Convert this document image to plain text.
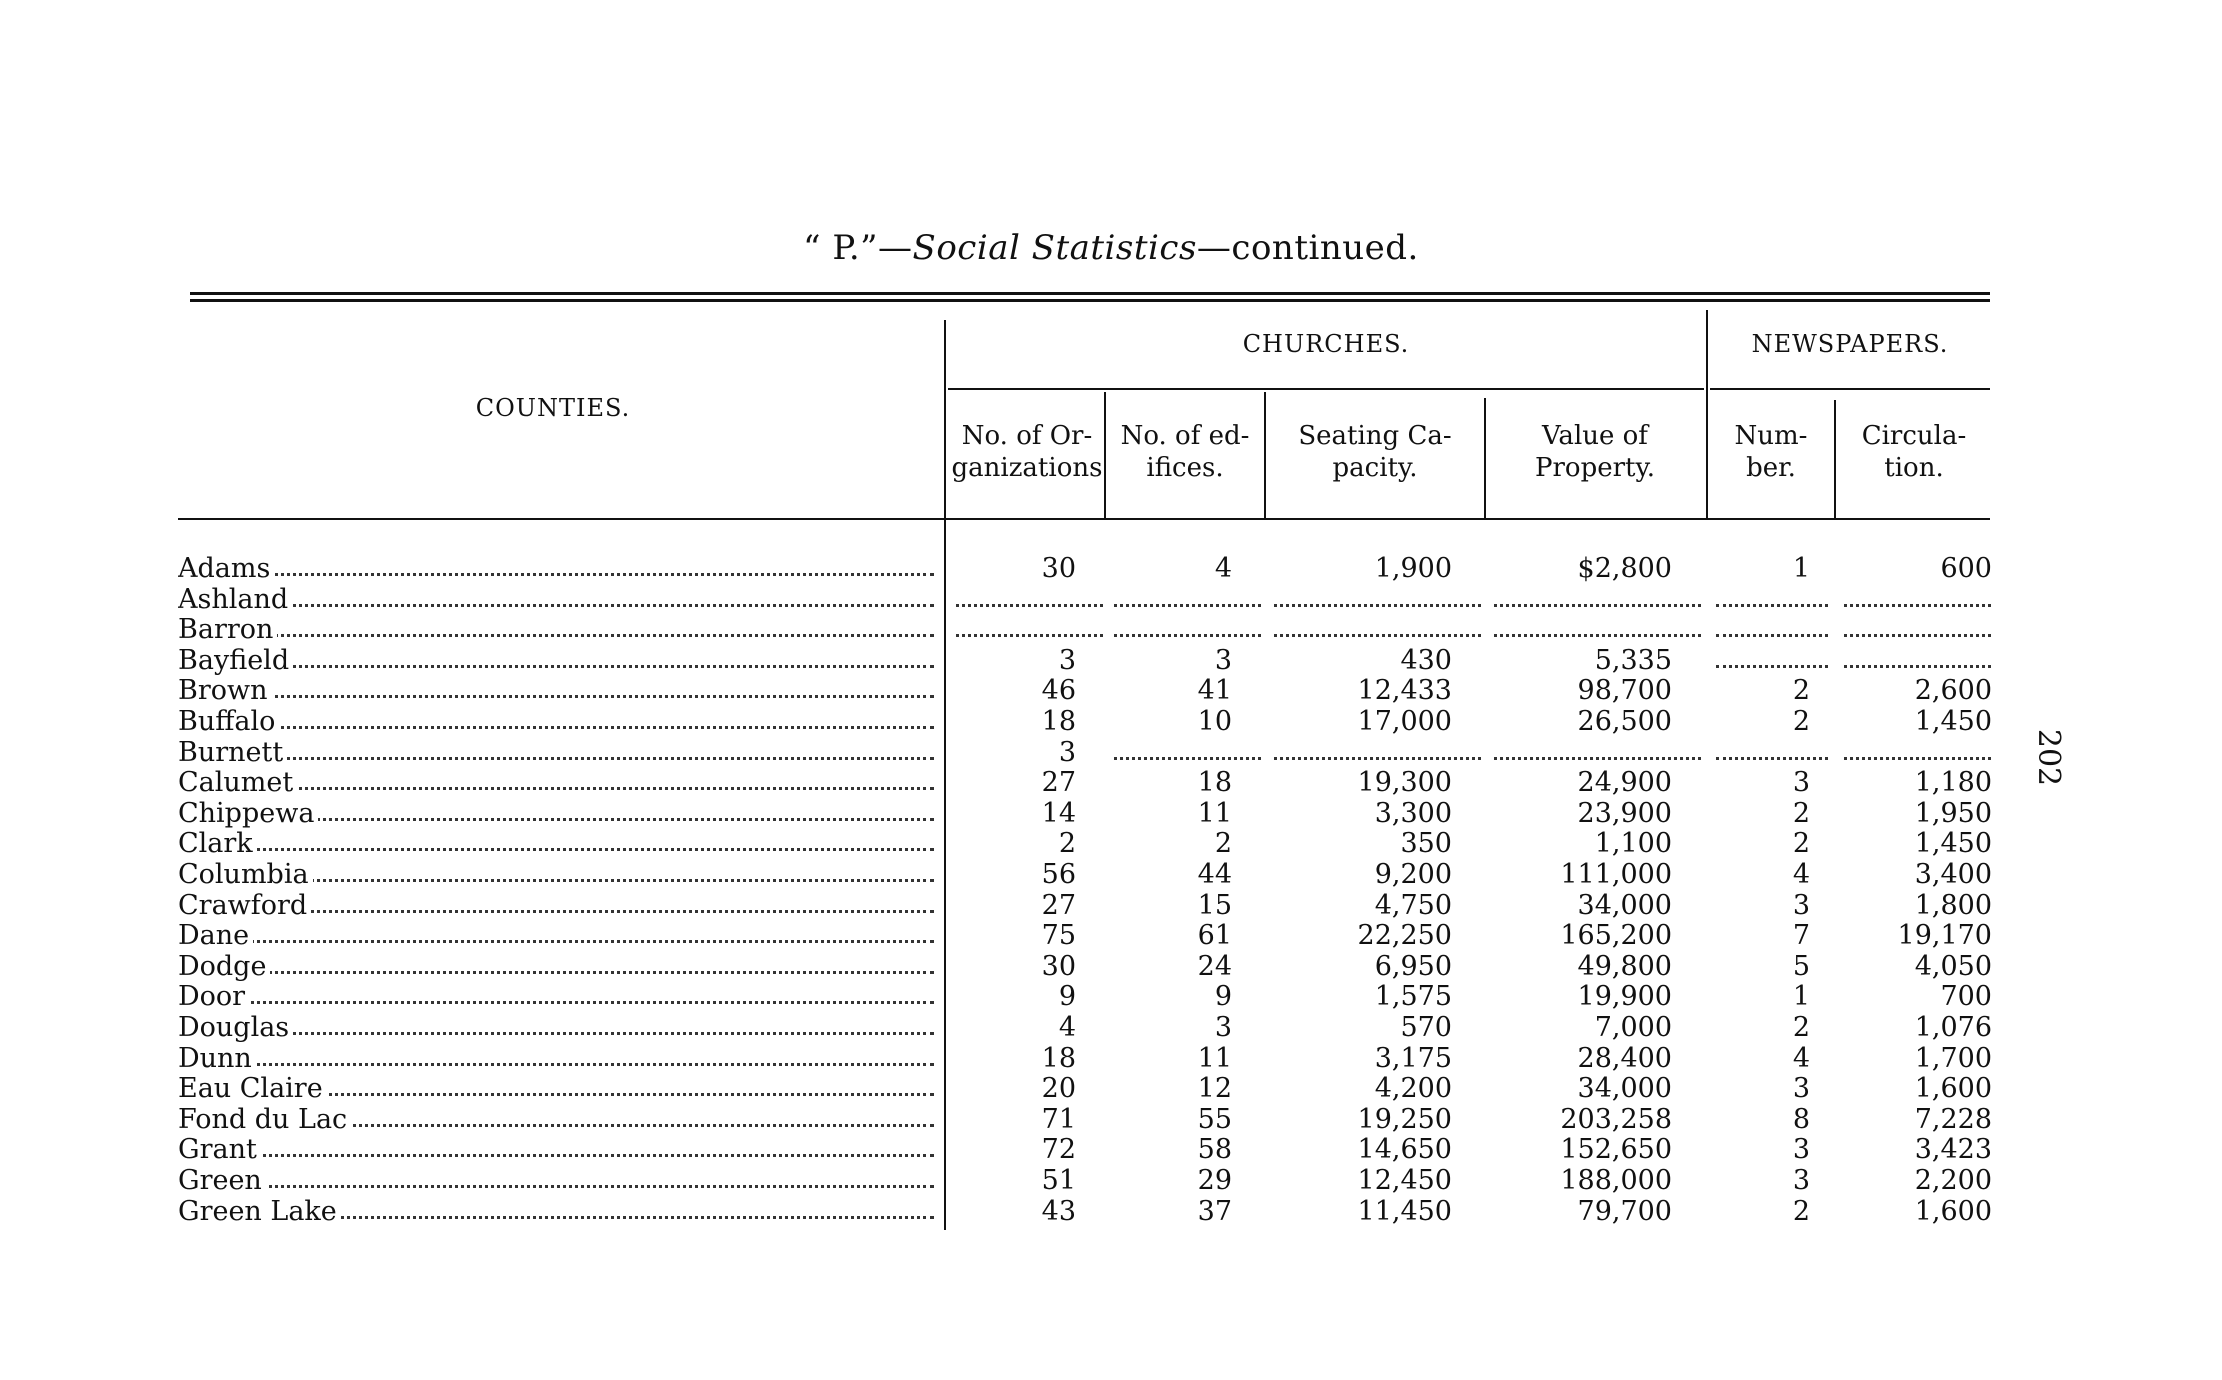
“ P.”—Social Statistics—continued.
202
COUNTIES.
CHURCHES.	NEWSPAPERS.
No. of Or-
ganizations
No. of ed-
ifices.
Seating Ca-
pacity.
Value of
Property.
Num-
ber.
Circula-
tion.
Adams	30	4	1,900	$2,800	1	600
Ashland
Barron
Bayfield	3	3	430	5,335
Brown	46	41	12,433	98,700	2	2,600
Buffalo	18	10	17,000	26,500	2	1,450
Burnett	3
Calumet	27	18	19,300	24,900	3	1,180
Chippewa	14	11	3,300	23,900	2	1,950
Clark	2	2	350	1,100	2	1,450
Columbia	56	44	9,200	111,000	4	3,400
Crawford	27	15	4,750	34,000	3	1,800
Dane	75	61	22,250	165,200	7	19,170
Dodge	30	24	6,950	49,800	5	4,050
Door	9	9	1,575	19,900	1	700
Douglas	4	3	570	7,000	2	1,076
Dunn	18	11	3,175	28,400	4	1,700
Eau Claire	20	12	4,200	34,000	3	1,600
Fond du Lac	71	55	19,250	203,258	8	7,228
Grant	72	58	14,650	152,650	3	3,423
Green	51	29	12,450	188,000	3	2,200
Green Lake	43	37	11,450	79,700	2	1,600
